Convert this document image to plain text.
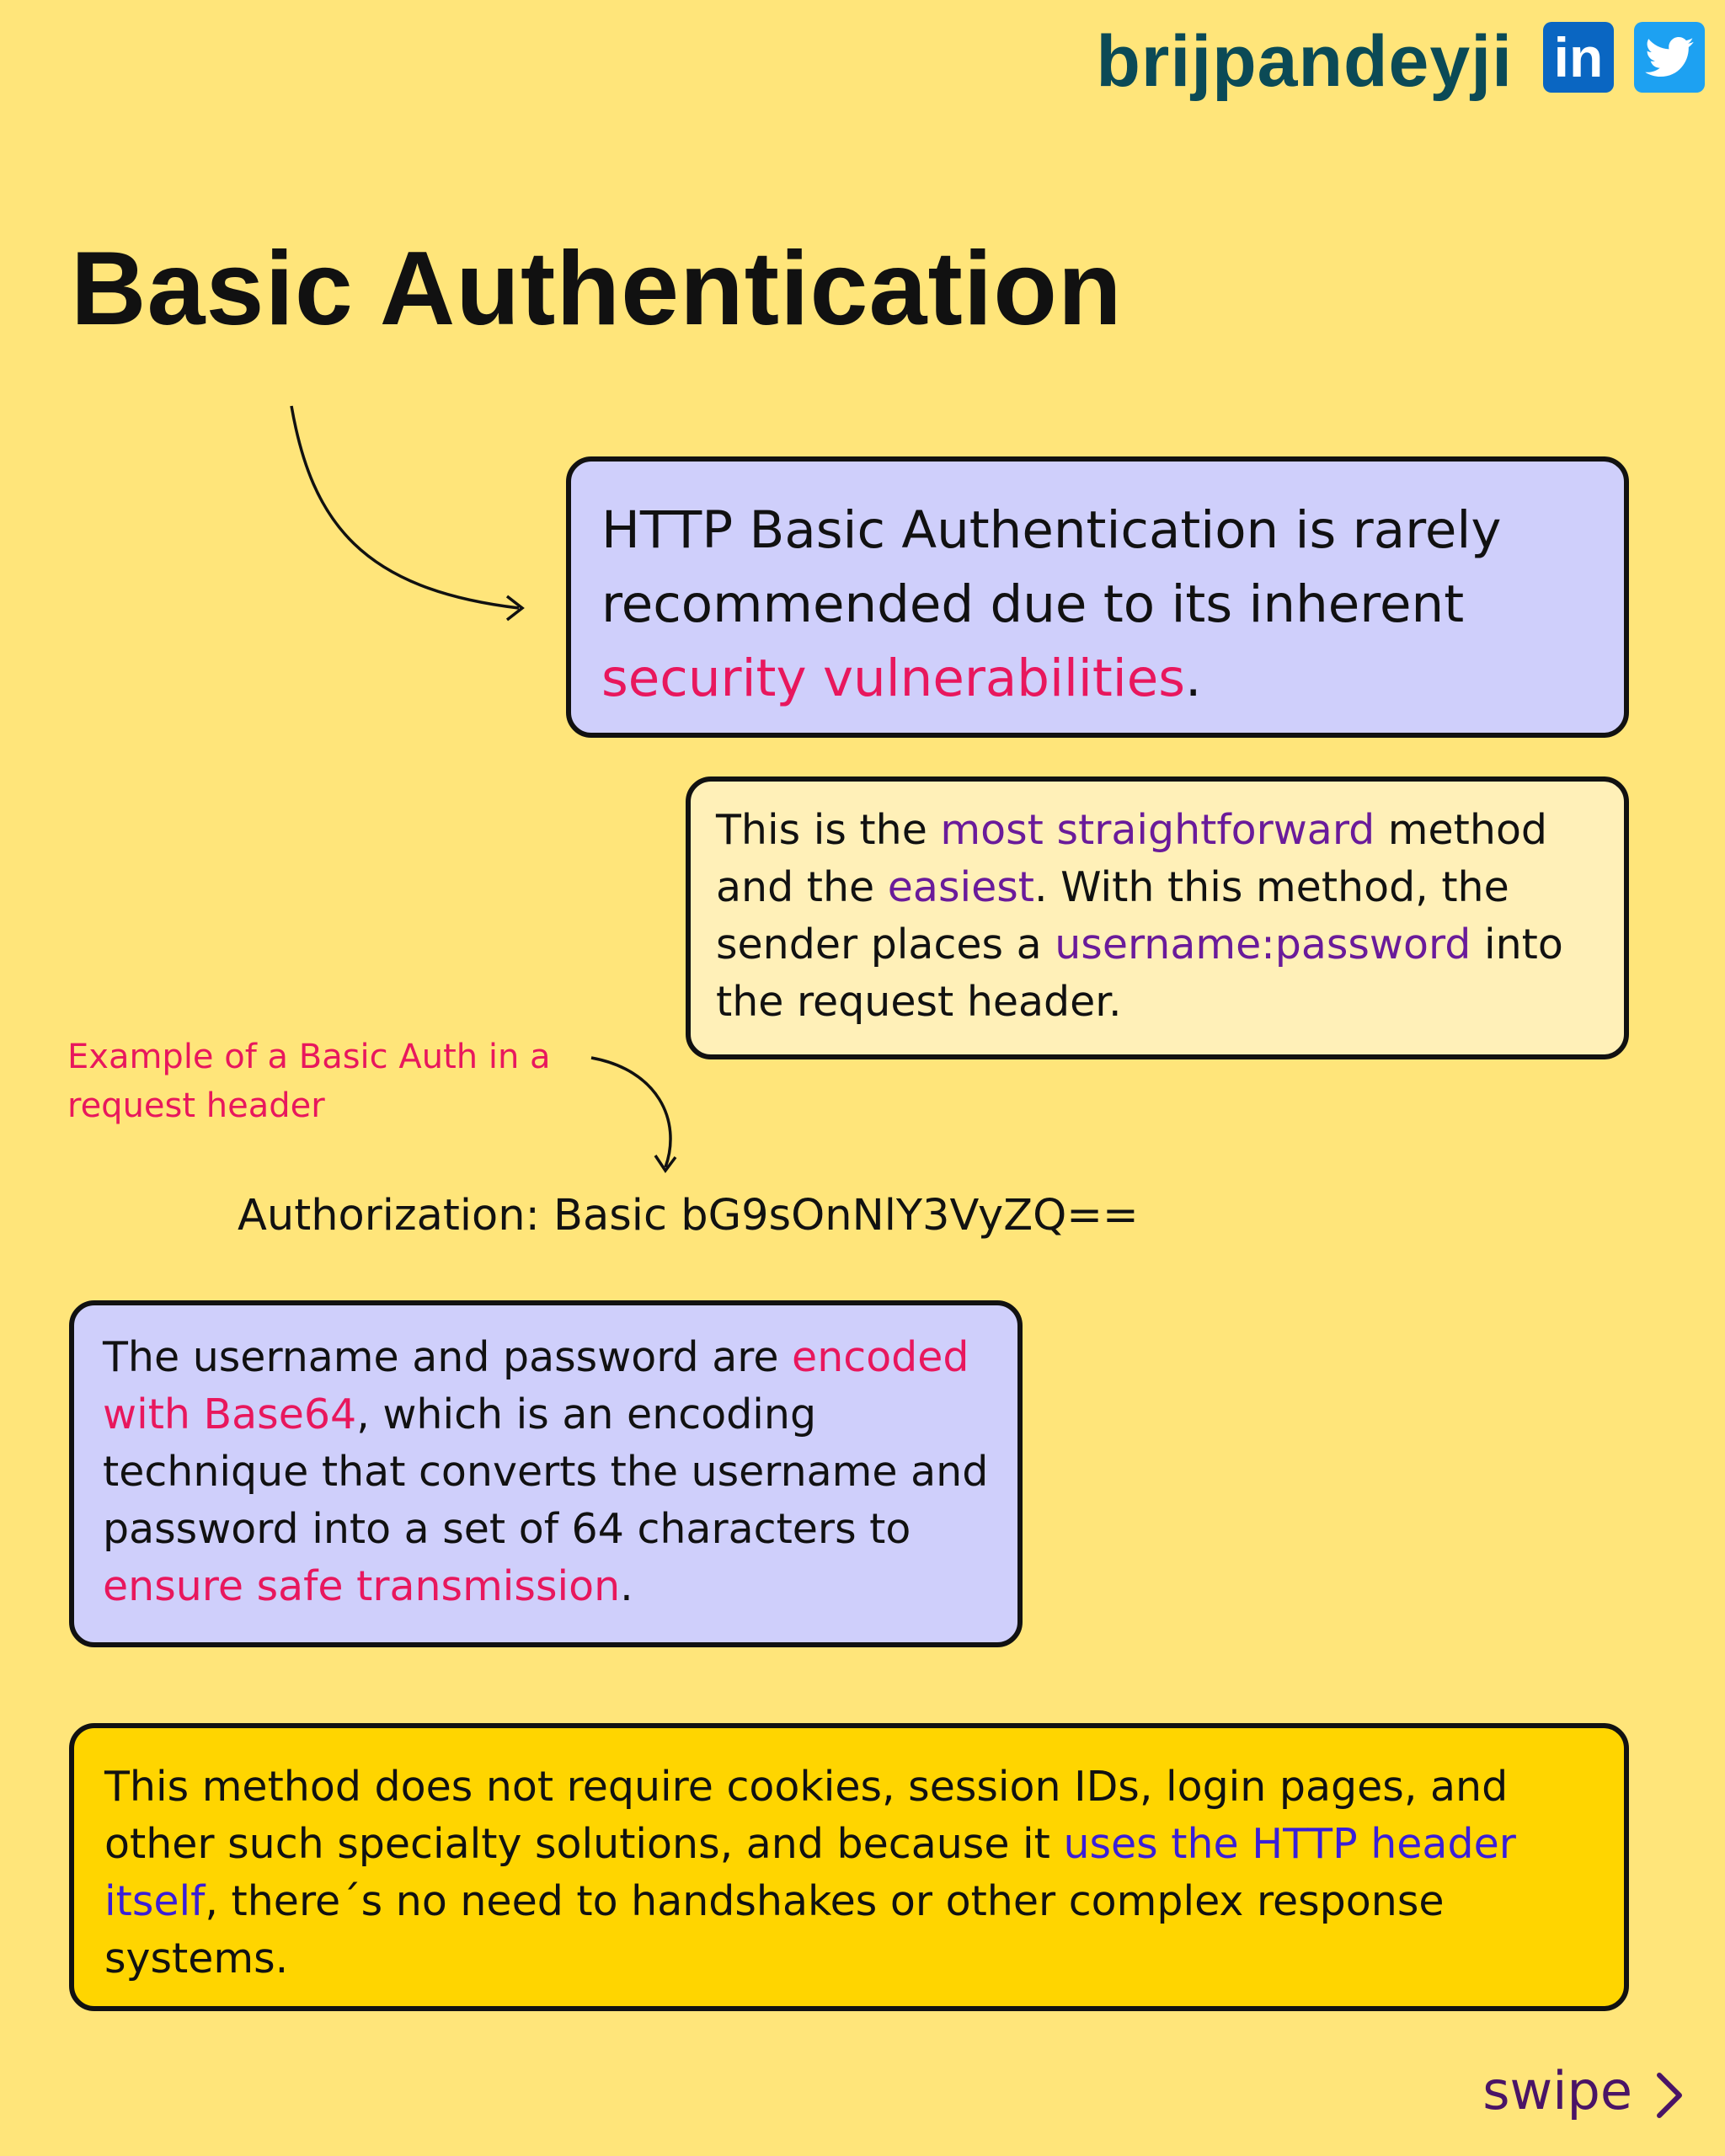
brijpandeyji in
Basic Authentication
HTTP Basic Authentication is rarely recommended due to its inherent security vulnerabilities.
This is the most straightforward method and the easiest. With this method, the sender places a username:password into the request header.
Example of a Basic Auth in a request header
Authorization: Basic bG9sOnNlY3VyZQ==
The username and password are encoded with Base64, which is an encoding technique that converts the username and password into a set of 64 characters to ensure safe transmission.
This method does not require cookies, session IDs, login pages, and other such specialty solutions, and because it uses the HTTP header itself, there´s no need to handshakes or other complex response systems.
swipe
